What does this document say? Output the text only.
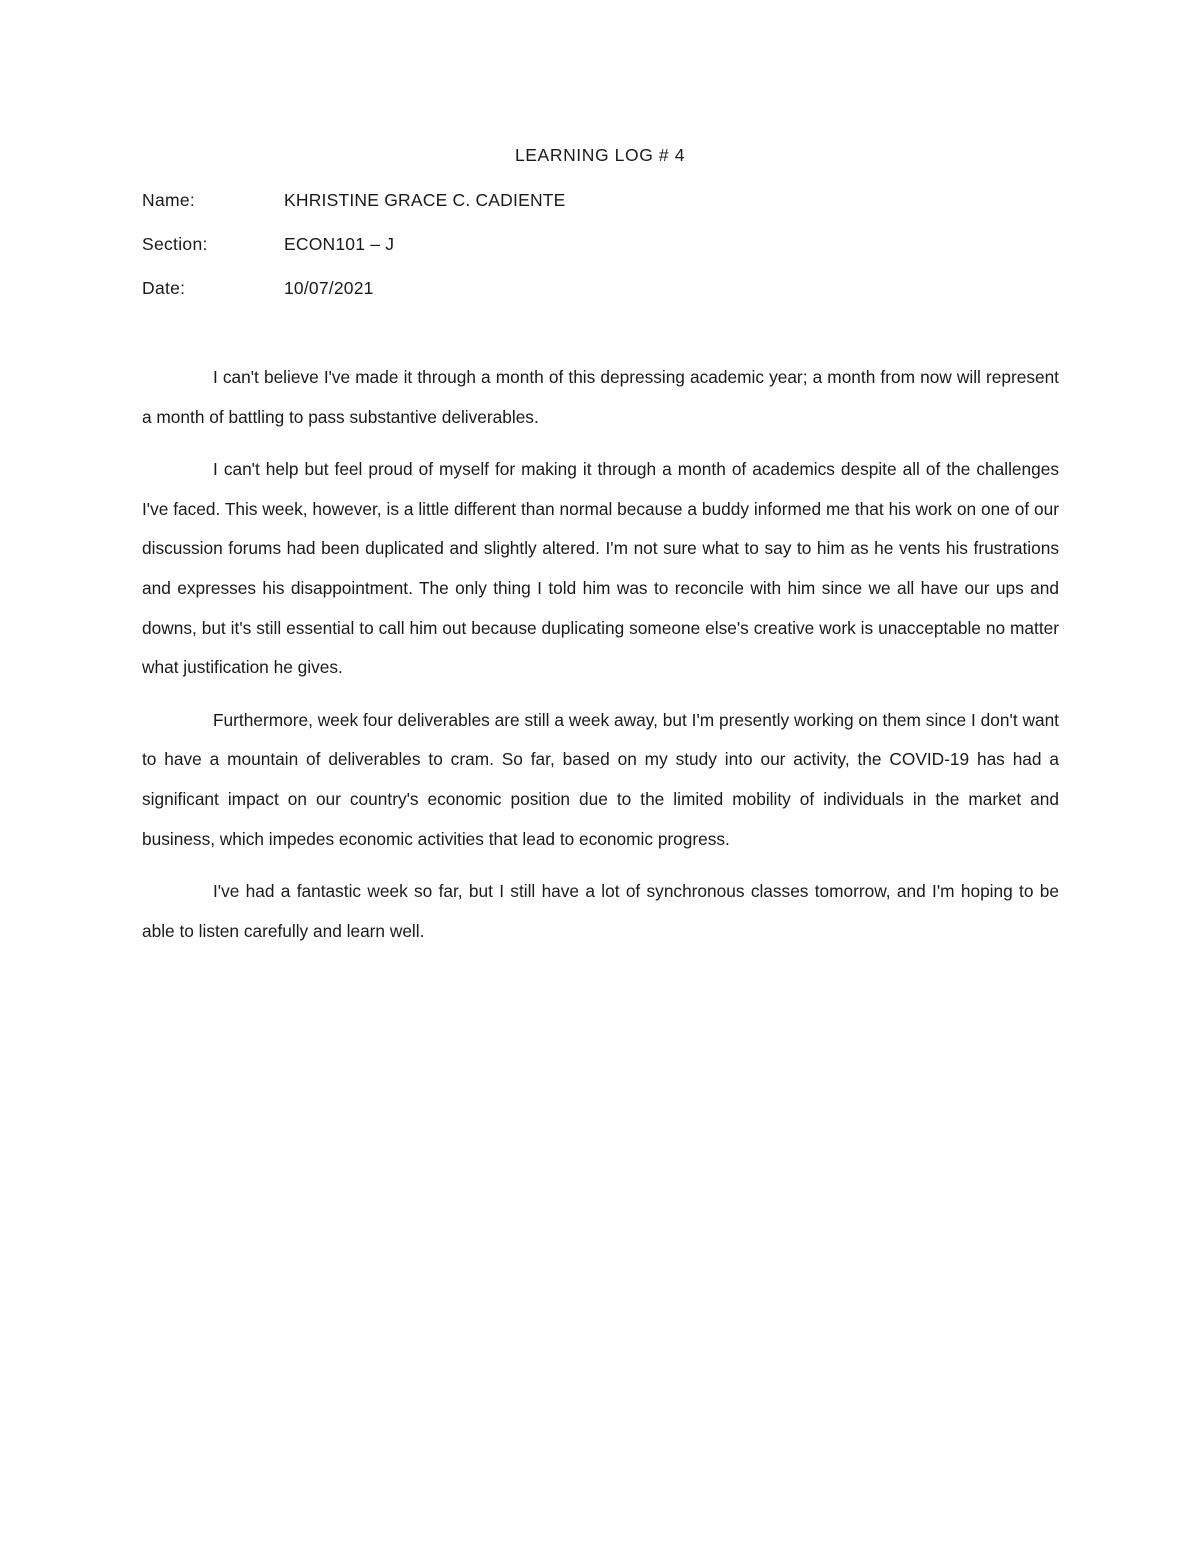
LEARNING LOG # 4
Name:	KHRISTINE GRACE C. CADIENTE
Section:	ECON101 – J
Date:	10/07/2021

I can't believe I've made it through a month of this depressing academic year; a month from now will represent a month of battling to pass substantive deliverables.

I can't help but feel proud of myself for making it through a month of academics despite all of the challenges I've faced. This week, however, is a little different than normal because a buddy informed me that his work on one of our discussion forums had been duplicated and slightly altered. I'm not sure what to say to him as he vents his frustrations and expresses his disappointment. The only thing I told him was to reconcile with him since we all have our ups and downs, but it's still essential to call him out because duplicating someone else's creative work is unacceptable no matter what justification he gives.

Furthermore, week four deliverables are still a week away, but I'm presently working on them since I don't want to have a mountain of deliverables to cram. So far, based on my study into our activity, the COVID-19 has had a significant impact on our country's economic position due to the limited mobility of individuals in the market and business, which impedes economic activities that lead to economic progress.

I've had a fantastic week so far, but I still have a lot of synchronous classes tomorrow, and I'm hoping to be able to listen carefully and learn well.
